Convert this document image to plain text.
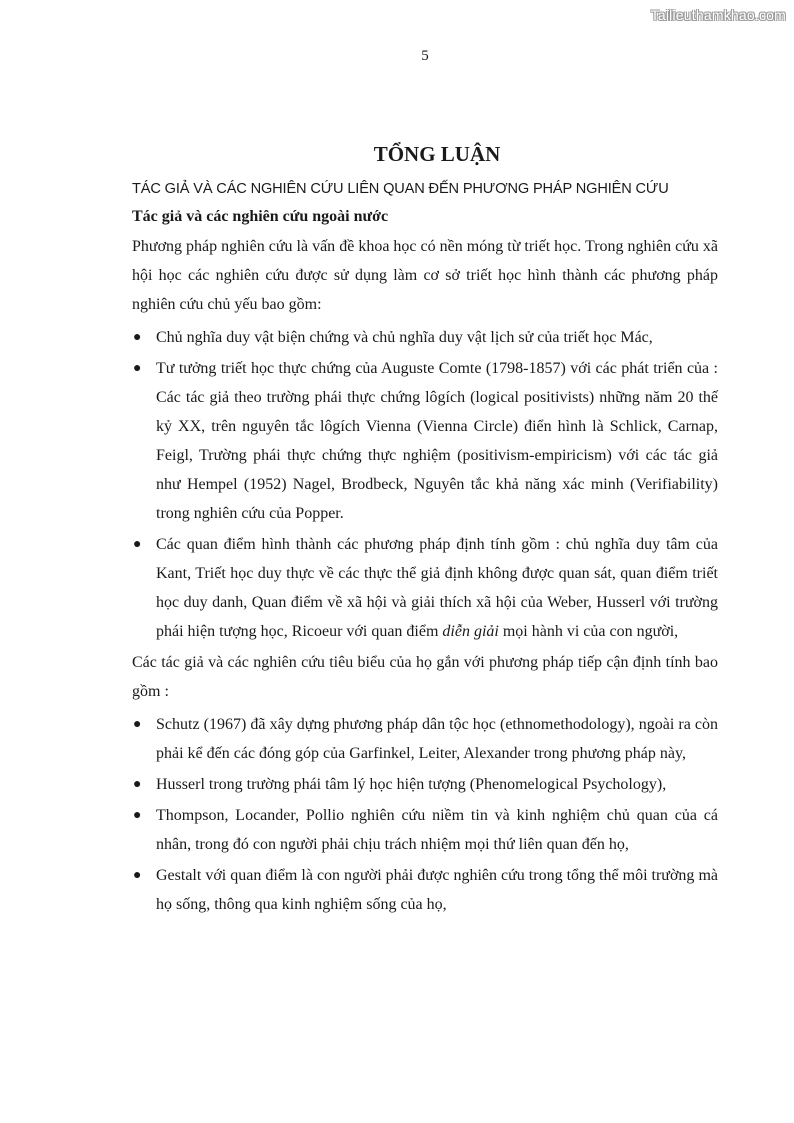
Tailieuthamkhao.com
5
TỔNG LUẬN
TÁC GIẢ VÀ CÁC NGHIÊN CỨU LIÊN QUAN ĐẾN PHƯƠNG PHÁP NGHIÊN CỨU
Tác giả và các nghiên cứu ngoài nước

Phương pháp nghiên cứu là vấn đề khoa học có nền móng từ triết học. Trong nghiên cứu xã hội học các nghiên cứu được sử dụng làm cơ sở triết học hình thành các phương pháp nghiên cứu chủ yếu bao gồm:

● Chủ nghĩa duy vật biện chứng và chủ nghĩa duy vật lịch sử của triết học Mác,
● Tư tưởng triết học thực chứng của Auguste Comte (1798-1857) với các phát triển của : Các tác giả theo trường phái thực chứng lôgích (logical positivists) những năm 20 thế kỷ XX, trên nguyên tắc lôgích Vienna (Vienna Circle) điển hình là Schlick, Carnap, Feigl, Trường phái thực chứng thực nghiệm (positivism-empiricism) với các tác giả như Hempel (1952) Nagel, Brodbeck, Nguyên tắc khả năng xác minh (Verifiability) trong nghiên cứu của Popper.
● Các quan điểm hình thành các phương pháp định tính gồm : chủ nghĩa duy tâm của Kant, Triết học duy thực về các thực thể giả định không được quan sát, quan điểm triết học duy danh, Quan điểm về xã hội và giải thích xã hội của Weber, Husserl với trường phái hiện tượng học, Ricoeur với quan điểm diễn giải mọi hành vi của con người,

Các tác giả và các nghiên cứu tiêu biểu của họ gắn với phương pháp tiếp cận định tính bao gồm :

● Schutz (1967) đã xây dựng phương pháp dân tộc học (ethnomethodology), ngoài ra còn phải kể đến các đóng góp của Garfinkel, Leiter, Alexander trong phương pháp này,
● Husserl trong trường phái tâm lý học hiện tượng (Phenomelogical Psychology),
● Thompson, Locander, Pollio nghiên cứu niềm tin và kinh nghiệm chủ quan của cá nhân, trong đó con người phải chịu trách nhiệm mọi thứ liên quan đến họ,
● Gestalt với quan điểm là con người phải được nghiên cứu trong tổng thể môi trường mà họ sống, thông qua kinh nghiệm sống của họ,
